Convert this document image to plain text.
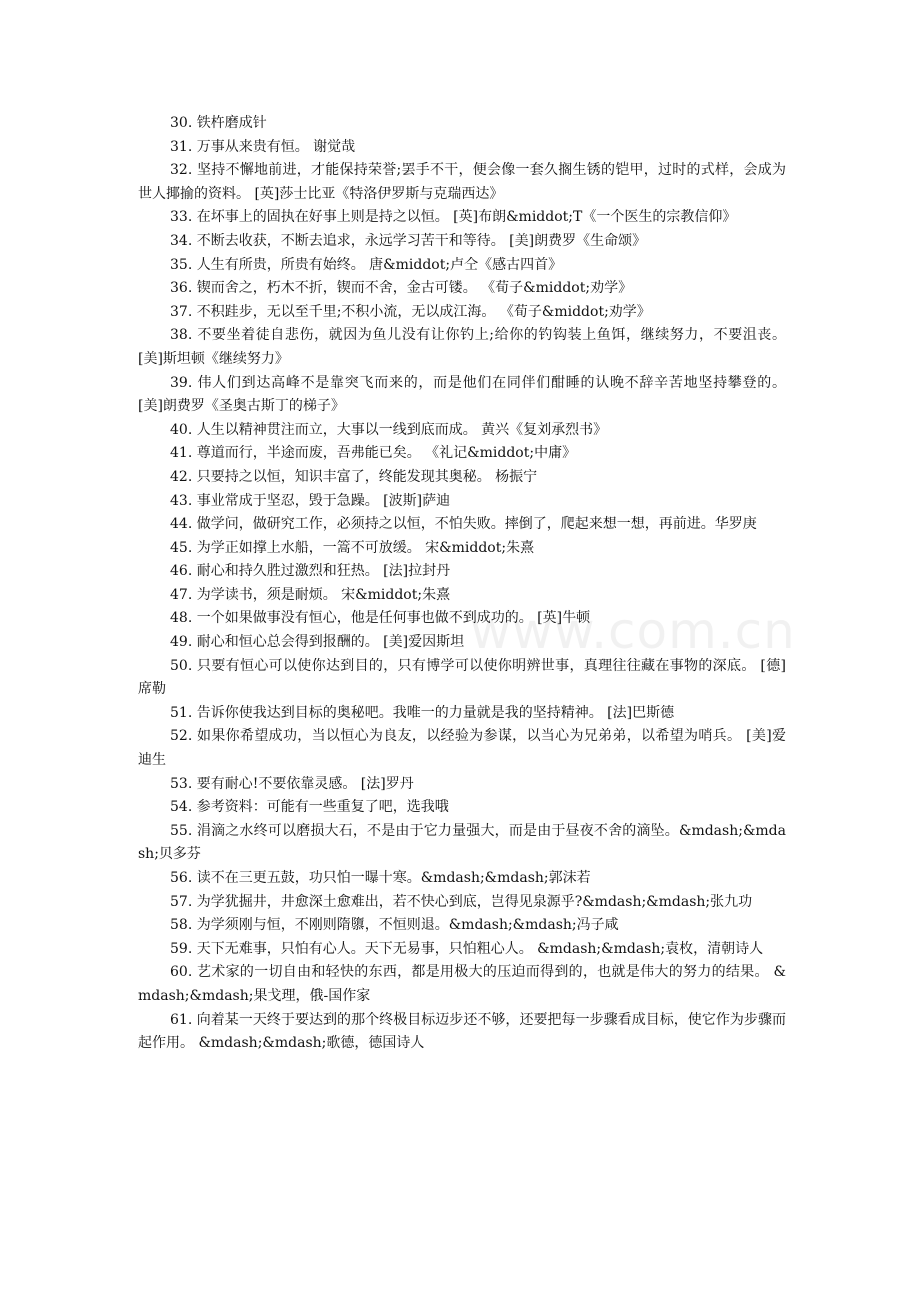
www.com.cn

30. 铁杵磨成针

31. 万事从来贵有恒。 谢觉哉

32. 坚持不懈地前进，才能保持荣誉;罢手不干，便会像一套久搁生锈的铠甲，过时的式样，会成为世人揶揄的资料。 [英]莎士比亚《特洛伊罗斯与克瑞西达》

33. 在坏事上的固执在好事上则是持之以恒。 [英]布朗&middot;T《一个医生的宗教信仰》

34. 不断去收获，不断去追求，永远学习苦干和等待。 [美]朗费罗《生命颂》

35. 人生有所贵，所贵有始终。 唐&middot;卢仝《感古四首》

36. 锲而舍之，朽木不折，锲而不舍，金古可镂。 《荀子&middot;劝学》

37. 不积跬步，无以至千里;不积小流，无以成江海。 《荀子&middot;劝学》

38. 不要坐着徒自悲伤，就因为鱼儿没有让你钓上;给你的钓钩装上鱼饵，继续努力，不要沮丧。 [美]斯坦顿《继续努力》

39. 伟人们到达高峰不是靠突飞而来的，而是他们在同伴们酣睡的认晚不辞辛苦地坚持攀登的。 [美]朗费罗《圣奥古斯丁的梯子》

40. 人生以精神贯注而立，大事以一线到底而成。 黄兴《复刘承烈书》

41. 尊道而行，半途而废，吾弗能已矣。 《礼记&middot;中庸》

42. 只要持之以恒，知识丰富了，终能发现其奥秘。 杨振宁

43. 事业常成于坚忍，毁于急躁。 [波斯]萨迪

44. 做学问，做研究工作，必须持之以恒，不怕失败。摔倒了，爬起来想一想，再前进。华罗庚

45. 为学正如撑上水船，一篙不可放缓。 宋&middot;朱熹

46. 耐心和持久胜过激烈和狂热。 [法]拉封丹

47. 为学读书，须是耐烦。 宋&middot;朱熹

48. 一个如果做事没有恒心，他是任何事也做不到成功的。 [英]牛顿

49. 耐心和恒心总会得到报酬的。 [美]爱因斯坦

50. 只要有恒心可以使你达到目的，只有博学可以使你明辨世事，真理往往藏在事物的深底。 [德]席勒

51. 告诉你使我达到目标的奥秘吧。我唯一的力量就是我的坚持精神。 [法]巴斯德

52. 如果你希望成功，当以恒心为良友，以经验为参谋，以当心为兄弟弟，以希望为哨兵。 [美]爱迪生

53. 要有耐心!不要依靠灵感。 [法]罗丹

54. 参考资料：可能有一些重复了吧，选我哦

55. 涓滴之水终可以磨损大石，不是由于它力量强大，而是由于昼夜不舍的滴坠。&mdash;&mdash;贝多芬

56. 读不在三更五鼓，功只怕一曝十寒。&mdash;&mdash;郭沫若

57. 为学犹掘井，井愈深土愈难出，若不快心到底，岂得见泉源乎?&mdash;&mdash;张九功

58. 为学须刚与恒，不刚则隋隳，不恒则退。&mdash;&mdash;冯子咸

59. 天下无难事，只怕有心人。天下无易事，只怕粗心人。 &mdash;&mdash;袁枚，清朝诗人

60. 艺术家的一切自由和轻快的东西，都是用极大的压迫而得到的，也就是伟大的努力的结果。 &mdash;&mdash;果戈理，俄-国作家

61. 向着某一天终于要达到的那个终极目标迈步还不够，还要把每一步骤看成目标，使它作为步骤而起作用。 &mdash;&mdash;歌德，德国诗人
